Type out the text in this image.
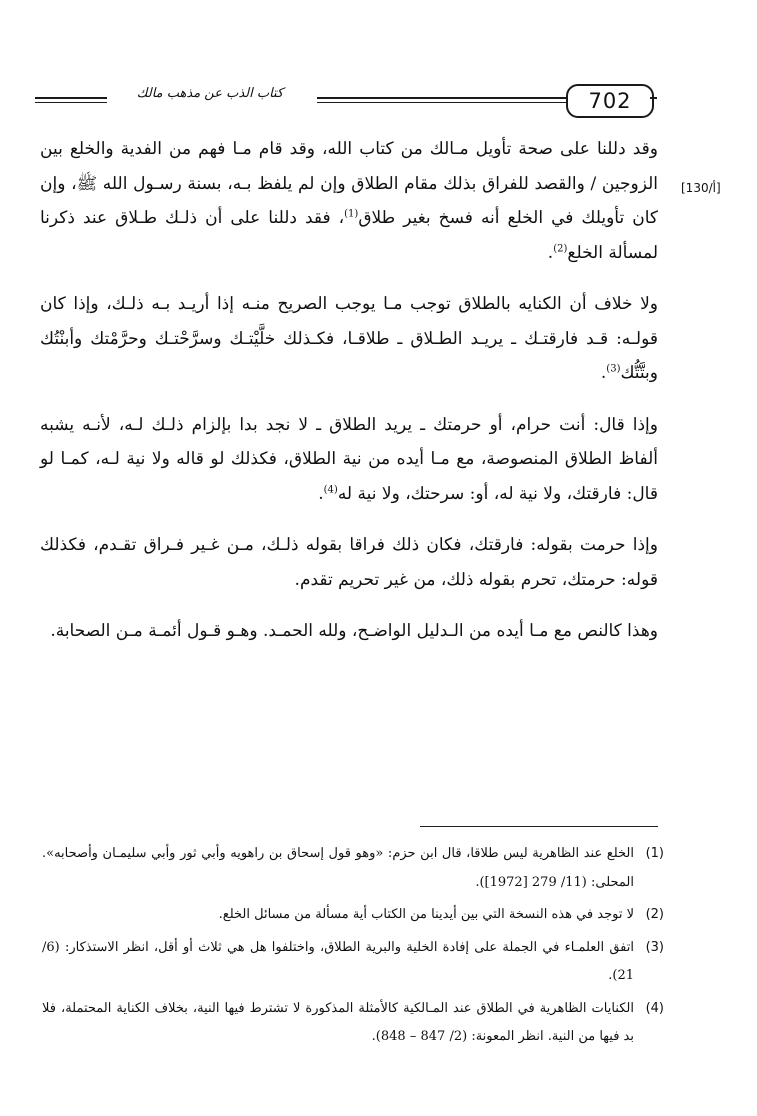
كتاب الذب عن مذهب مالك	702
[130/أ]

وقد دللنا على صحة تأويل مـالك من كتاب الله، وقد قام مـا فهم من الفدية والخلع بين الزوجين / والقصد للفراق بذلك مقام الطلاق وإن لم يلفظ بـه، بسنة رسـول الله ﷺ، وإن كان تأويلك في الخلع أنه فسخ بغير طلاق$^{(1)}$، فقد دللنا على أن ذلـك طـلاق عند ذكرنا لمسألة الخلع$^{(2)}$.

ولا خلاف أن الكنايه بالطلاق توجب مـا يوجب الصريح منـه إذا أريـد بـه ذلـك، وإذا كان قولـه: قـد فارقتـك ـ يريـد الطـلاق ـ طلاقـا، فكـذلك خلَّيْتـك وسرَّحْتـك وحرَّمْتك وأبنْتُك وبتَّتُّك$^{(3)}$.

وإذا قال: أنت حرام، أو حرمتك ـ يريد الطلاق ـ لا نجد بدا بإلزام ذلـك لـه، لأنـه يشبه ألفاظ الطلاق المنصوصة، مع مـا أيده من نية الطلاق، فكذلك لو قاله ولا نية لـه، كمـا لو قال: فارقتك، ولا نية له، أو: سرحتك، ولا نية له$^{(4)}$.

وإذا حرمت بقوله: فارقتك، فكان ذلك فراقا بقوله ذلـك، مـن غـير فـراق تقـدم، فكذلك قوله: حرمتك، تحرم بقوله ذلك، من غير تحريم تقدم.

وهذا كالنص مع مـا أيده من الـدليل الواضـح، ولله الحمـد. وهـو قـول أئمـة مـن الصحابة.

(1)
الخلع عند الظاهرية ليس طلاقا، قال ابن حزم: «وهو قول إسحاق بن راهويه وأبي ثور وأبي سليمـان وأصحابه». المحلى: (11/ 279 [1972]).
(2)
لا توجد في هذه النسخة التي بين أيدينا من الكتاب أية مسألة من مسائل الخلع.
(3)
اتفق العلمـاء في الجملة على إفادة الخلية والبرية الطلاق، واختلفوا هل هي ثلاث أو أقل، انظر الاستذكار: (6/ 21).
(4)
الكنايات الظاهرية في الطلاق عند المـالكية كالأمثلة المذكورة لا تشترط فيها النية، بخلاف الكناية المحتملة، فلا بد فيها من النية. انظر المعونة: (2/ 847 – 848).
